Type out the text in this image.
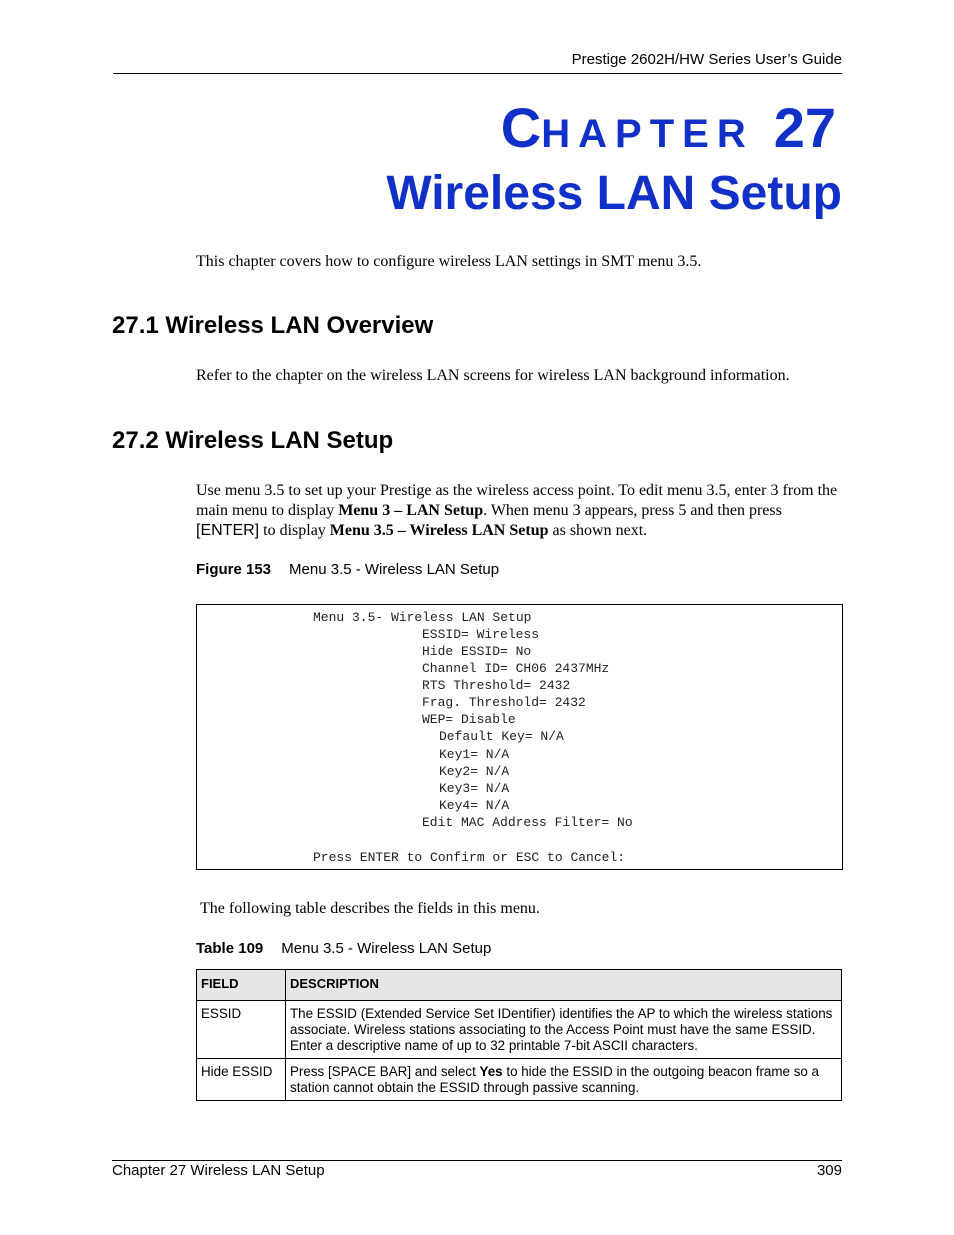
Prestige 2602H/HW Series User’s Guide
CHAPTER 27
Wireless LAN Setup
This chapter covers how to configure wireless LAN settings in SMT menu 3.5.
27.1 Wireless LAN Overview
Refer to the chapter on the wireless LAN screens for wireless LAN background information.
27.2 Wireless LAN Setup
Use menu 3.5 to set up your Prestige as the wireless access point. To edit menu 3.5, enter 3 from the main menu to display Menu 3 – LAN Setup. When menu 3 appears, press 5 and then press [ENTER] to display Menu 3.5 – Wireless LAN Setup as shown next.
Figure 153 Menu 3.5 - Wireless LAN Setup
Menu 3.5- Wireless LAN Setup
ESSID= Wireless
Hide ESSID= No
Channel ID= CH06 2437MHz
RTS Threshold= 2432
Frag. Threshold= 2432
WEP= Disable
Default Key= N/A
Key1= N/A
Key2= N/A
Key3= N/A
Key4= N/A
Edit MAC Address Filter= No
Press ENTER to Confirm or ESC to Cancel:
The following table describes the fields in this menu.
Table 109 Menu 3.5 - Wireless LAN Setup
FIELD	DESCRIPTION
ESSID	The ESSID (Extended Service Set IDentifier) identifies the AP to which the wireless stations associate. Wireless stations associating to the Access Point must have the same ESSID. Enter a descriptive name of up to 32 printable 7-bit ASCII characters.
Hide ESSID	Press [SPACE BAR] and select Yes to hide the ESSID in the outgoing beacon frame so a station cannot obtain the ESSID through passive scanning.
Chapter 27 Wireless LAN Setup	309
